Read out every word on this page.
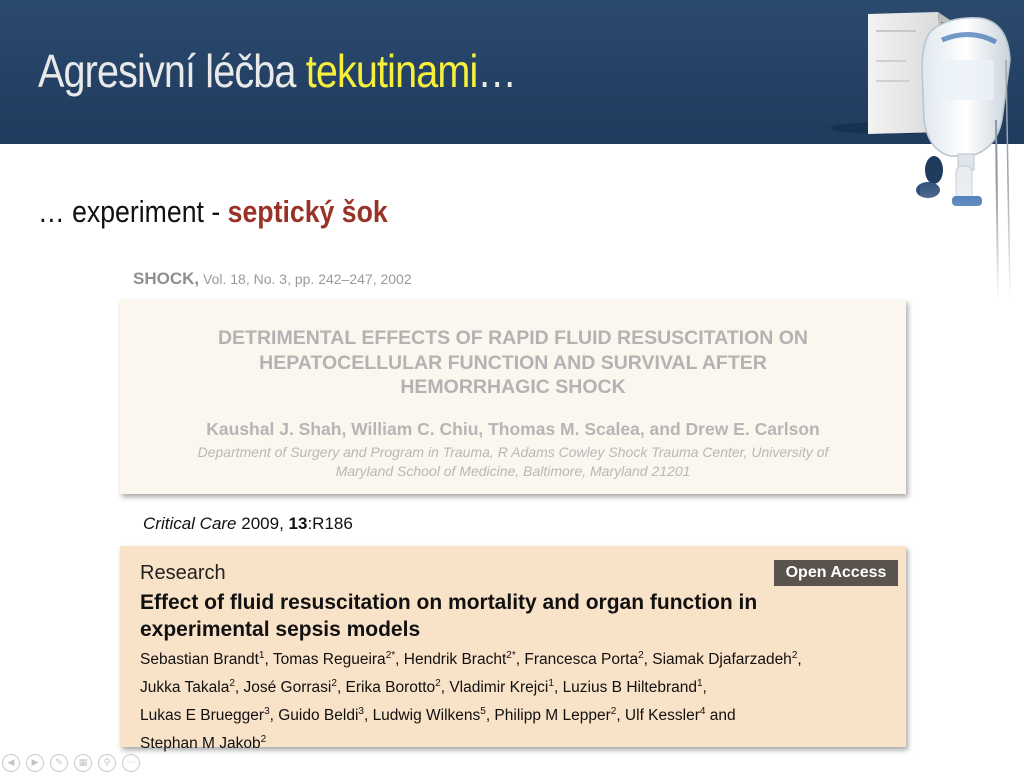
Agresivní léčba tekutinami…
… experiment - septický šok
SHOCK, Vol. 18, No. 3, pp. 242–247, 2002
DETRIMENTAL EFFECTS OF RAPID FLUID RESUSCITATION ON
HEPATOCELLULAR FUNCTION AND SURVIVAL AFTER
HEMORRHAGIC SHOCK
Kaushal J. Shah, William C. Chiu, Thomas M. Scalea, and Drew E. Carlson
Department of Surgery and Program in Trauma, R Adams Cowley Shock Trauma Center, University of
Maryland School of Medicine, Baltimore, Maryland 21201
Critical Care 2009, 13:R186
Research	Open Access
Effect of fluid resuscitation on mortality and organ function in
experimental sepsis models
Sebastian Brandt$^1$, Tomas Regueira$^{2*}$, Hendrik Bracht$^{2*}$, Francesca Porta$^2$, Siamak Djafarzadeh$^2$,
Jukka Takala$^2$, José Gorrasi$^2$, Erika Borotto$^2$, Vladimir Krejci$^1$, Luzius B Hiltebrand$^1$,
Lukas E Bruegger$^3$, Guido Beldi$^3$, Ludwig Wilkens$^5$, Philipp M Lepper$^2$, Ulf Kessler$^4$ and
Stephan M Jakob$^2$
◀	▶	✎	▦	⚲	⋯
